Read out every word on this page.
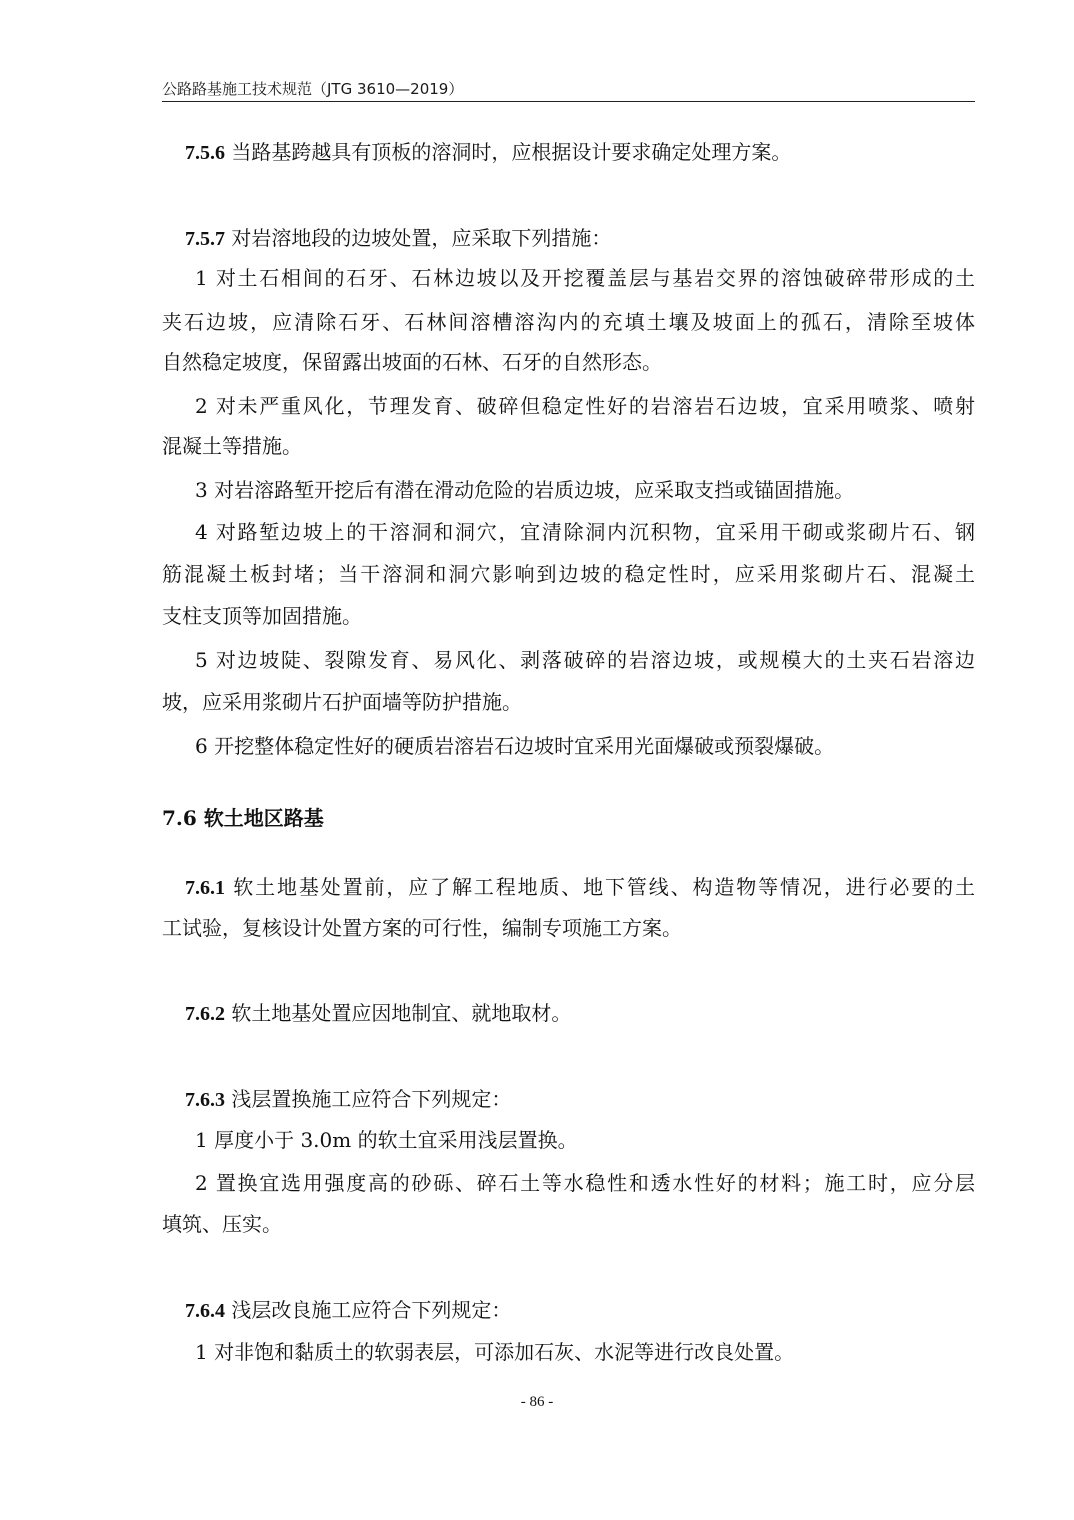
公路路基施工技术规范（JTG 3610—2019）
7.5.6 当路基跨越具有顶板的溶洞时，应根据设计要求确定处理方案。
7.5.7 对岩溶地段的边坡处置，应采取下列措施：
1 对土石相间的石牙、石林边坡以及开挖覆盖层与基岩交界的溶蚀破碎带形成的土
夹石边坡，应清除石牙、石林间溶槽溶沟内的充填土壤及坡面上的孤石，清除至坡体
自然稳定坡度，保留露出坡面的石林、石牙的自然形态。
2 对未严重风化，节理发育、破碎但稳定性好的岩溶岩石边坡，宜采用喷浆、喷射
混凝土等措施。
3 对岩溶路堑开挖后有潜在滑动危险的岩质边坡，应采取支挡或锚固措施。
4 对路堑边坡上的干溶洞和洞穴，宜清除洞内沉积物，宜采用干砌或浆砌片石、钢
筋混凝土板封堵；当干溶洞和洞穴影响到边坡的稳定性时，应采用浆砌片石、混凝土
支柱支顶等加固措施。
5 对边坡陡、裂隙发育、易风化、剥落破碎的岩溶边坡，或规模大的土夹石岩溶边
坡，应采用浆砌片石护面墙等防护措施。
6 开挖整体稳定性好的硬质岩溶岩石边坡时宜采用光面爆破或预裂爆破。
7.6 软土地区路基
7.6.1 软土地基处置前，应了解工程地质、地下管线、构造物等情况，进行必要的土
工试验，复核设计处置方案的可行性，编制专项施工方案。
7.6.2 软土地基处置应因地制宜、就地取材。
7.6.3 浅层置换施工应符合下列规定：
1 厚度小于 3.0m 的软土宜采用浅层置换。
2 置换宜选用强度高的砂砾、碎石土等水稳性和透水性好的材料；施工时，应分层
填筑、压实。
7.6.4 浅层改良施工应符合下列规定：
1 对非饱和黏质土的软弱表层，可添加石灰、水泥等进行改良处置。
- 86 -
